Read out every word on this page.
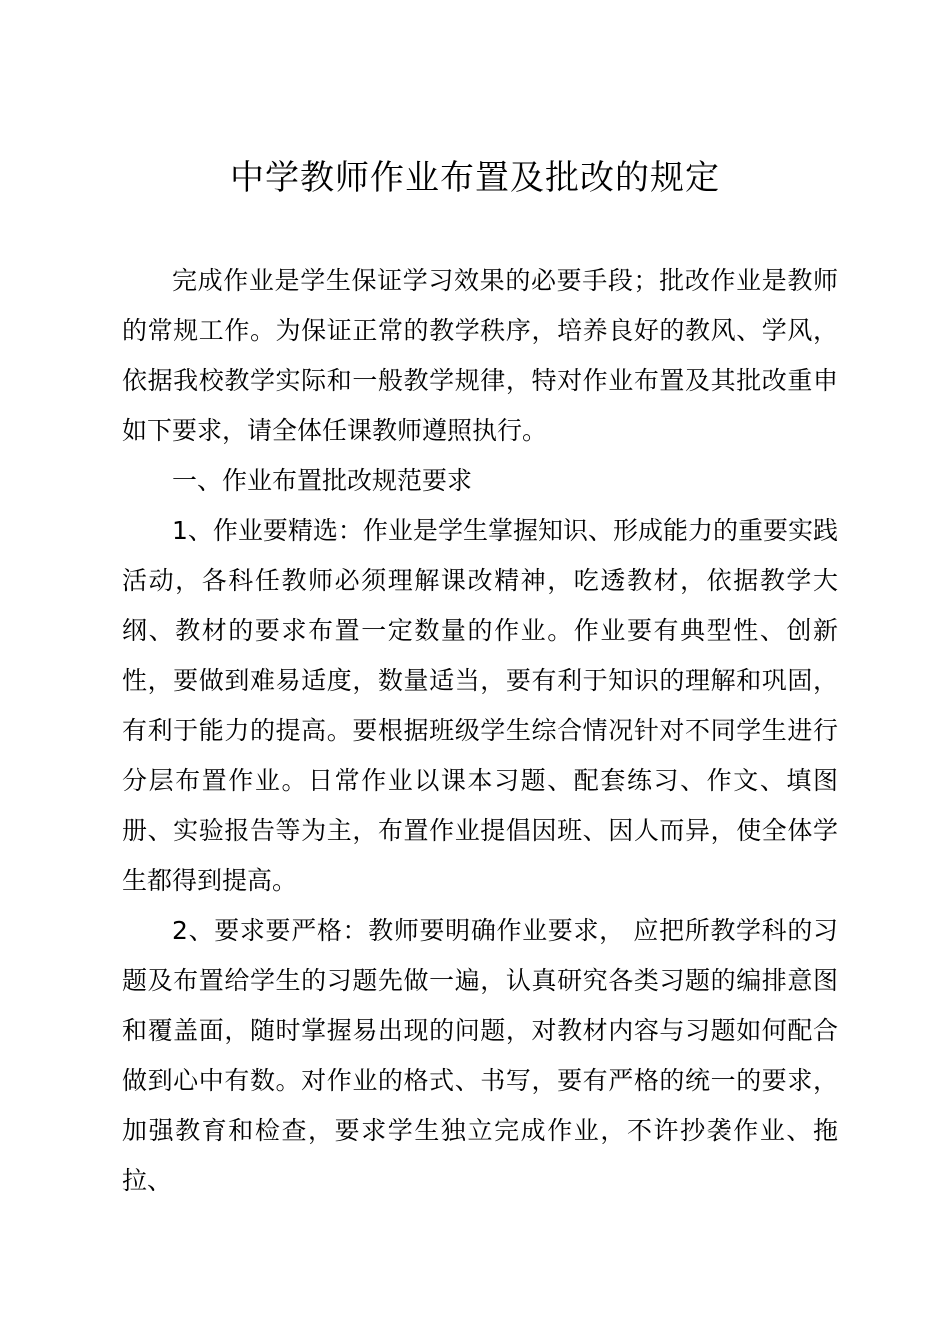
中学教师作业布置及批改的规定

完成作业是学生保证学习效果的必要手段；批改作业是教师的常规工作。为保证正常的教学秩序，培养良好的教风、学风，依据我校教学实际和一般教学规律，特对作业布置及其批改重申如下要求，请全体任课教师遵照执行。

一、作业布置批改规范要求

1、作业要精选：作业是学生掌握知识、形成能力的重要实践活动，各科任教师必须理解课改精神，吃透教材，依据教学大纲、教材的要求布置一定数量的作业。作业要有典型性、创新性，要做到难易适度，数量适当，要有利于知识的理解和巩固，有利于能力的提高。要根据班级学生综合情况针对不同学生进行分层布置作业。日常作业以课本习题、配套练习、作文、填图册、实验报告等为主，布置作业提倡因班、因人而异，使全体学生都得到提高。

2、要求要严格：教师要明确作业要求， 应把所教学科的习题及布置给学生的习题先做一遍，认真研究各类习题的编排意图和覆盖面，随时掌握易出现的问题，对教材内容与习题如何配合做到心中有数。对作业的格式、书写，要有严格的统一的要求，加强教育和检查，要求学生独立完成作业，不许抄袭作业、拖拉、
